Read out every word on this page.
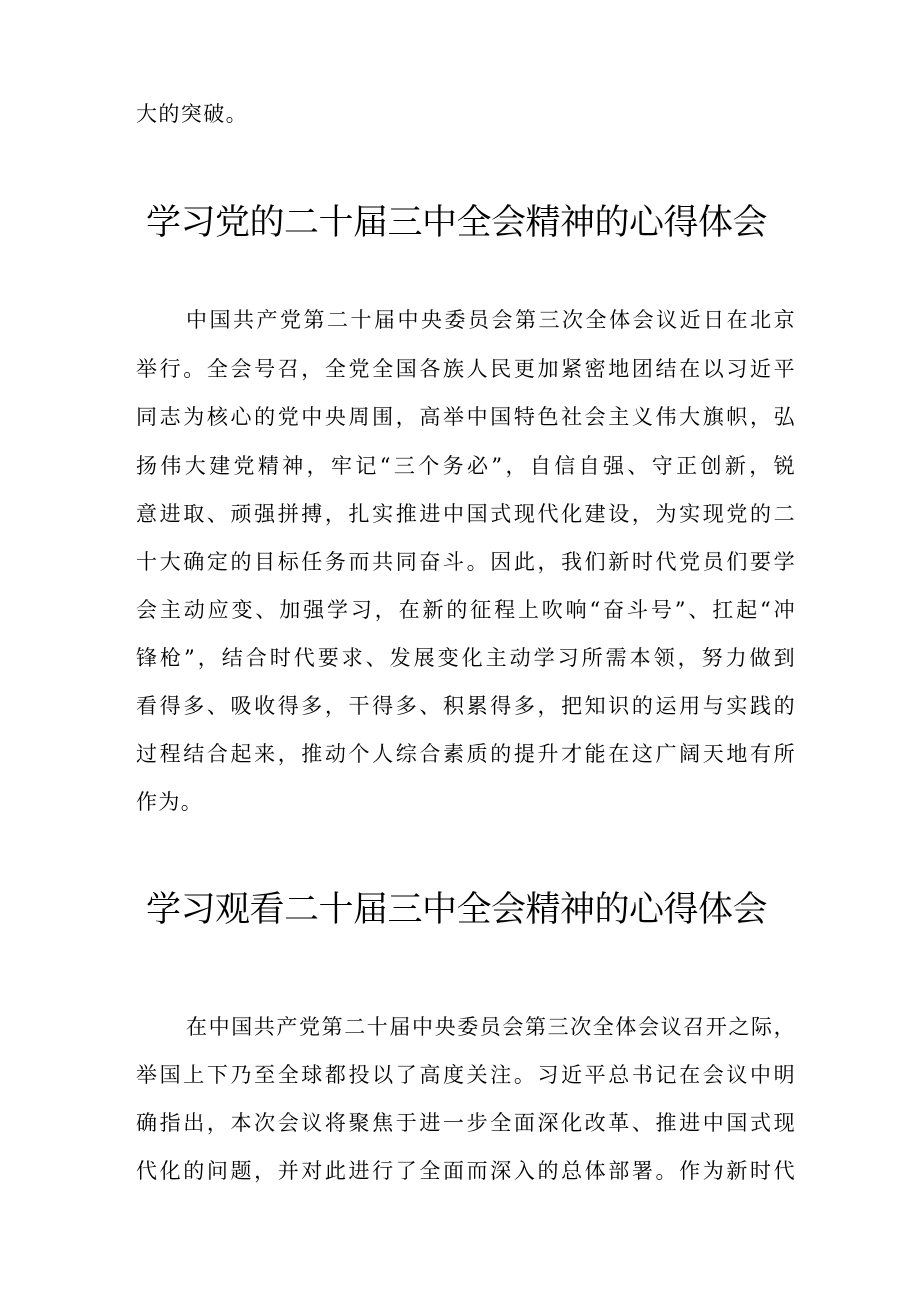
大的突破。
学习党的二十届三中全会精神的心得体会
中国共产党第二十届中央委员会第三次全体会议近日在北京
举行。全会号召，全党全国各族人民更加紧密地团结在以习近平
同志为核心的党中央周围，高举中国特色社会主义伟大旗帜，弘
扬伟大建党精神，牢记“三个务必”，自信自强、守正创新，锐
意进取、顽强拼搏，扎实推进中国式现代化建设，为实现党的二
十大确定的目标任务而共同奋斗。因此，我们新时代党员们要学
会主动应变、加强学习，在新的征程上吹响“奋斗号”、扛起“冲
锋枪”，结合时代要求、发展变化主动学习所需本领，努力做到
看得多、吸收得多，干得多、积累得多，把知识的运用与实践的
过程结合起来，推动个人综合素质的提升才能在这广阔天地有所
作为。
学习观看二十届三中全会精神的心得体会
在中国共产党第二十届中央委员会第三次全体会议召开之际，
举国上下乃至全球都投以了高度关注。习近平总书记在会议中明
确指出，本次会议将聚焦于进一步全面深化改革、推进中国式现
代化的问题，并对此进行了全面而深入的总体部署。作为新时代
